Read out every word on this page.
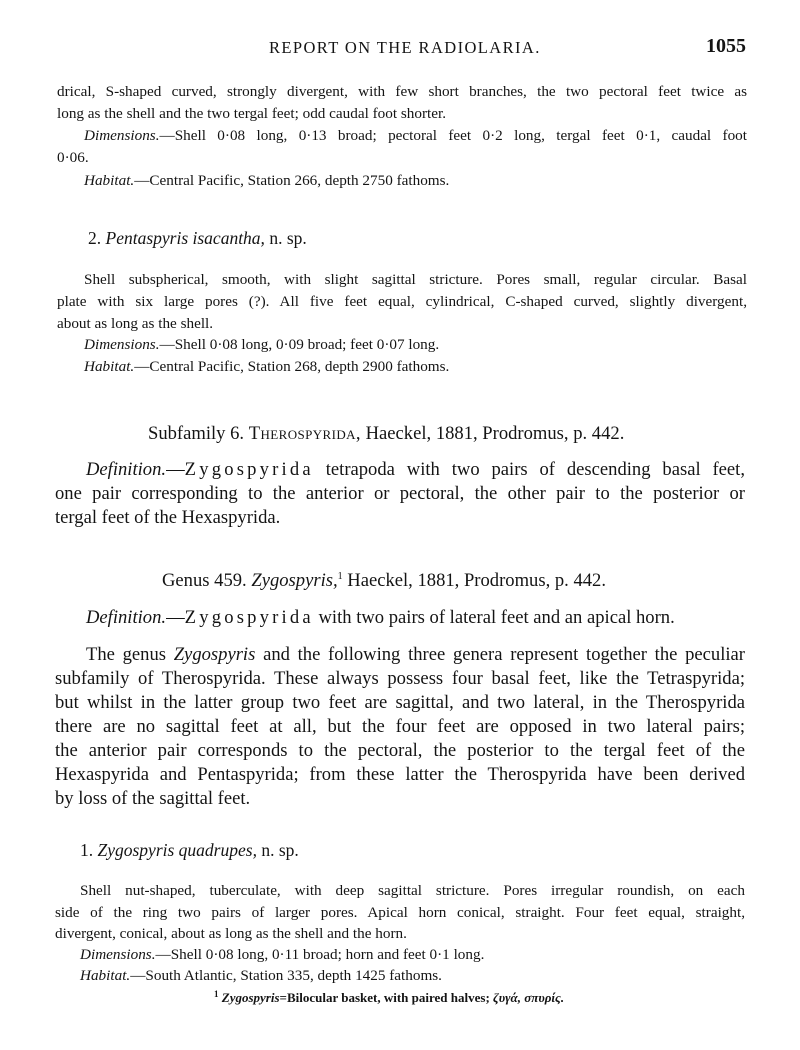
REPORT ON THE RADIOLARIA.	1055
drical, S-shaped curved, strongly divergent, with few short branches, the two pectoral feet twice as
long as the shell and the two tergal feet; odd caudal foot shorter.
Dimensions.—Shell 0·08 long, 0·13 broad; pectoral feet 0·2 long, tergal feet 0·1, caudal foot
0·06.
Habitat.—Central Pacific, Station 266, depth 2750 fathoms.
2. Pentaspyris isacantha, n. sp.
Shell subspherical, smooth, with slight sagittal stricture. Pores small, regular circular. Basal
plate with six large pores (?). All five feet equal, cylindrical, C-shaped curved, slightly divergent,
about as long as the shell.
Dimensions.—Shell 0·08 long, 0·09 broad; feet 0·07 long.
Habitat.—Central Pacific, Station 268, depth 2900 fathoms.
Subfamily 6. Therospyrida, Haeckel, 1881, Prodromus, p. 442.
Definition.—Zygospyrida tetrapoda with two pairs of descending basal feet,
one pair corresponding to the anterior or pectoral, the other pair to the posterior or
tergal feet of the Hexaspyrida.
Genus 459. Zygospyris,$^1$ Haeckel, 1881, Prodromus, p. 442.
Definition.—Zygospyrida with two pairs of lateral feet and an apical horn.
The genus Zygospyris and the following three genera represent together the peculiar
subfamily of Therospyrida. These always possess four basal feet, like the Tetraspyrida;
but whilst in the latter group two feet are sagittal, and two lateral, in the Therospyrida
there are no sagittal feet at all, but the four feet are opposed in two lateral pairs;
the anterior pair corresponds to the pectoral, the posterior to the tergal feet of the
Hexaspyrida and Pentaspyrida; from these latter the Therospyrida have been derived
by loss of the sagittal feet.
1. Zygospyris quadrupes, n. sp.
Shell nut-shaped, tuberculate, with deep sagittal stricture. Pores irregular roundish, on each
side of the ring two pairs of larger pores. Apical horn conical, straight. Four feet equal, straight,
divergent, conical, about as long as the shell and the horn.
Dimensions.—Shell 0·08 long, 0·11 broad; horn and feet 0·1 long.
Habitat.—South Atlantic, Station 335, depth 1425 fathoms.
$^1$ Zygospyris=Bilocular basket, with paired halves; ζυγά, σπυρίς.
